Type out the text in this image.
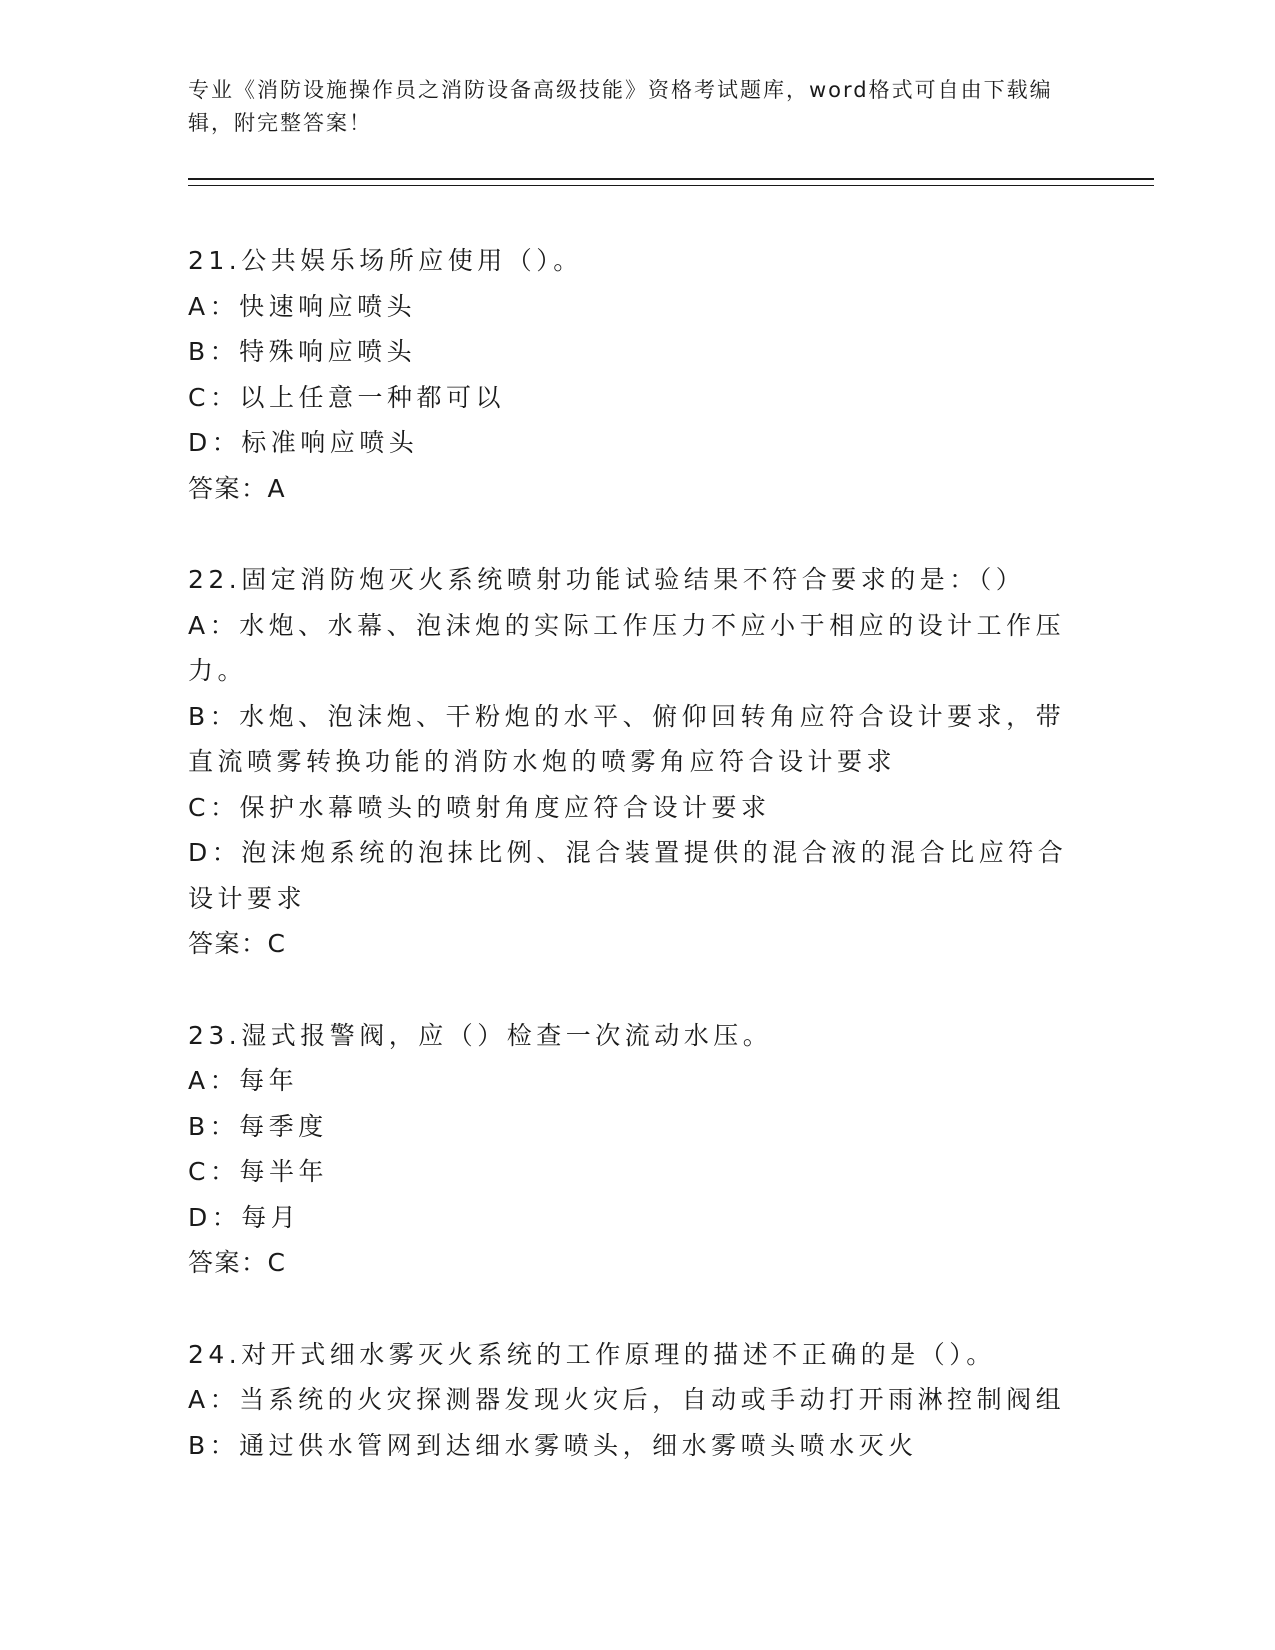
专业《消防设施操作员之消防设备高级技能》资格考试题库，word格式可自由下载编辑，附完整答案！
21.公共娱乐场所应使用（）。
A：快速响应喷头
B：特殊响应喷头
C：以上任意一种都可以
D：标准响应喷头
答案：A
22.固定消防炮灭火系统喷射功能试验结果不符合要求的是：（）
A：水炮、水幕、泡沫炮的实际工作压力不应小于相应的设计工作压力。
B：水炮、泡沫炮、干粉炮的水平、俯仰回转角应符合设计要求，带直流喷雾转换功能的消防水炮的喷雾角应符合设计要求
C：保护水幕喷头的喷射角度应符合设计要求
D：泡沫炮系统的泡抹比例、混合装置提供的混合液的混合比应符合设计要求
答案：C
23.湿式报警阀，应（）检查一次流动水压。
A：每年
B：每季度
C：每半年
D：每月
答案：C
24.对开式细水雾灭火系统的工作原理的描述不正确的是（）。
A：当系统的火灾探测器发现火灾后，自动或手动打开雨淋控制阀组
B：通过供水管网到达细水雾喷头，细水雾喷头喷水灭火
